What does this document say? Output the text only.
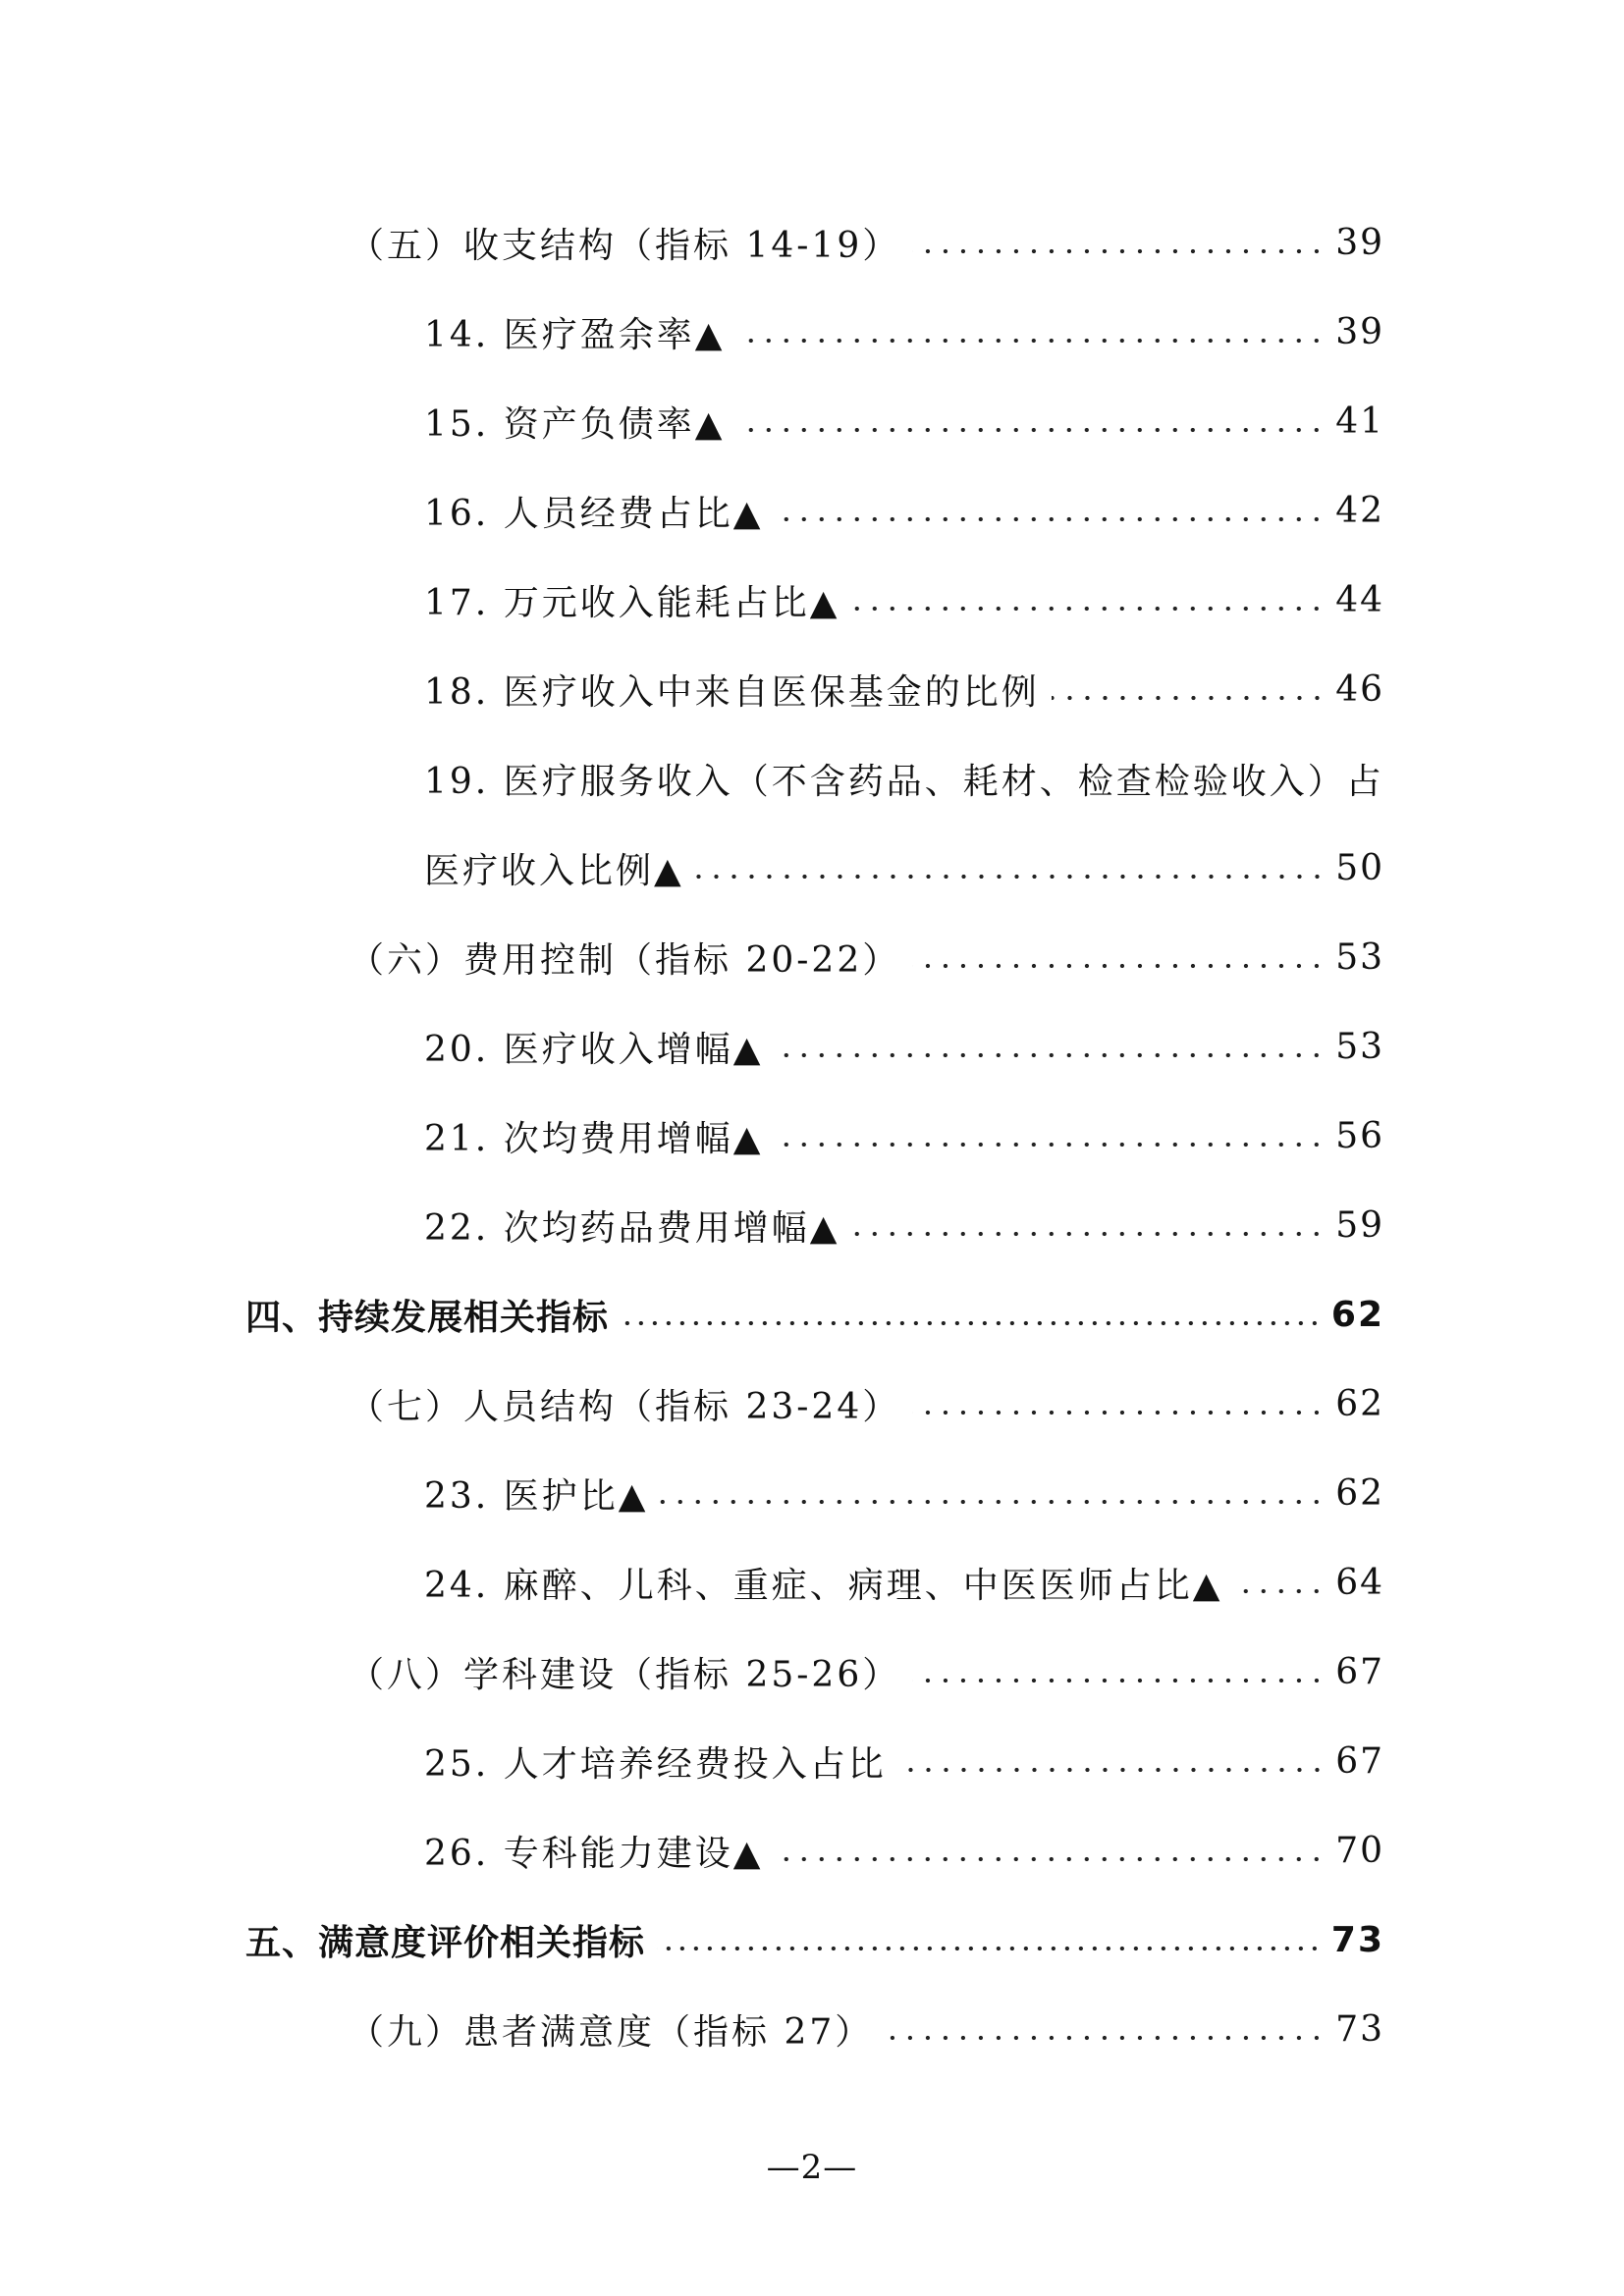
（五）收支结构（指标 14-19）	39
14. 医疗盈余率▲	39
15. 资产负债率▲	41
16. 人员经费占比▲	42
17. 万元收入能耗占比▲	44
18. 医疗收入中来自医保基金的比例	46
19. 医疗服务收入（不含药品、耗材、检查检验收入）占
医疗收入比例▲	50
（六）费用控制（指标 20-22）	53
20. 医疗收入增幅▲	53
21. 次均费用增幅▲	56
22. 次均药品费用增幅▲	59
四、持续发展相关指标	62
（七）人员结构（指标 23-24）	62
23. 医护比▲	62
24. 麻醉、儿科、重症、病理、中医医师占比▲	64
（八）学科建设（指标 25-26）	67
25. 人才培养经费投入占比	67
26. 专科能力建设▲	70
五、满意度评价相关指标	73
（九）患者满意度（指标 27）	73
—2—
